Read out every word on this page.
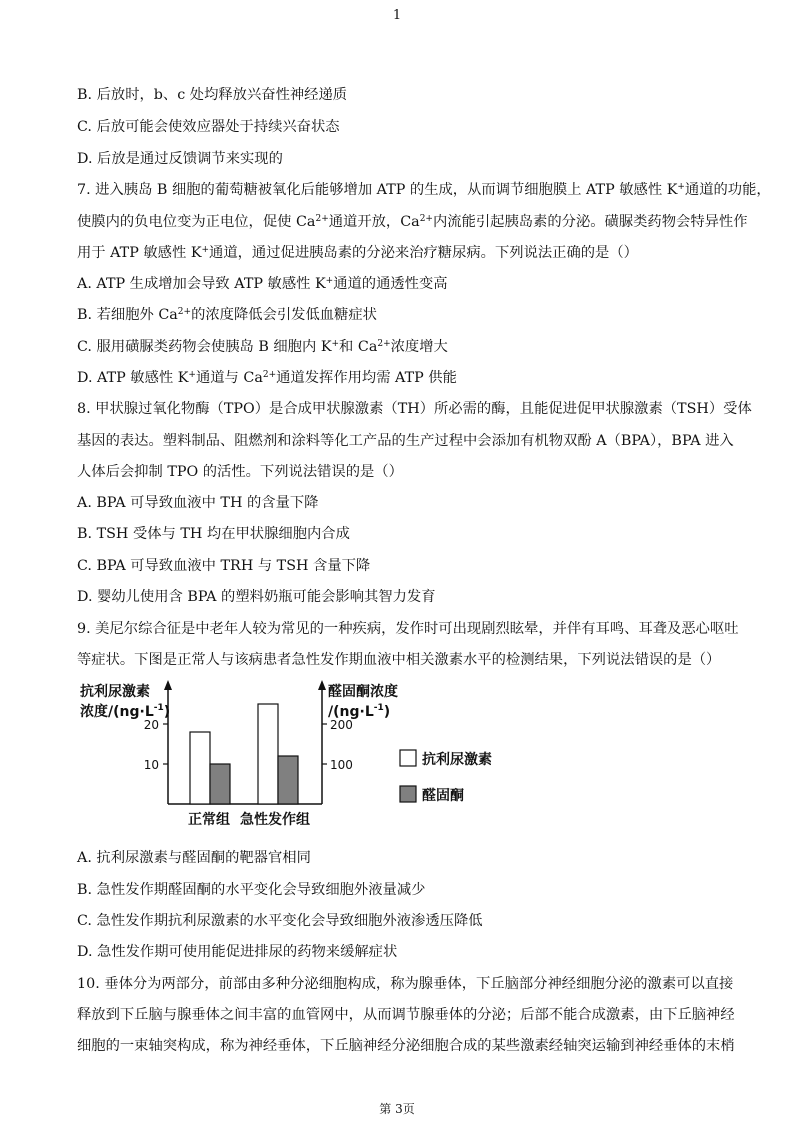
1
B. 后放时，b、c 处均释放兴奋性神经递质
C. 后放可能会使效应器处于持续兴奋状态
D. 后放是通过反馈调节来实现的
7. 进入胰岛 B 细胞的葡萄糖被氧化后能够增加 ATP 的生成，从而调节细胞膜上 ATP 敏感性 K+通道的功能，
使膜内的负电位变为正电位，促使 $Ca^{2+}$通道开放，$Ca^{2+}$内流能引起胰岛素的分泌。磺脲类药物会特异性作
用于 ATP 敏感性 K+通道，通过促进胰岛素的分泌来治疗糖尿病。下列说法正确的是（）
A. ATP 生成增加会导致 ATP 敏感性 K+通道的通透性变高
B. 若细胞外 $Ca^{2+}$的浓度降低会引发低血糖症状
C. 服用磺脲类药物会使胰岛 B 细胞内 K+和 $Ca^{2+}$浓度增大
D. ATP 敏感性 K+通道与 $Ca^{2+}$通道发挥作用均需 ATP 供能
8. 甲状腺过氧化物酶（TPO）是合成甲状腺激素（TH）所必需的酶，且能促进促甲状腺激素（TSH）受体
基因的表达。塑料制品、阻燃剂和涂料等化工产品的生产过程中会添加有机物双酚 A（BPA），BPA 进入
人体后会抑制 TPO 的活性。下列说法错误的是（）
A. BPA 可导致血液中 TH 的含量下降
B. TSH 受体与 TH 均在甲状腺细胞内合成
C. BPA 可导致血液中 TRH 与 TSH 含量下降
D. 婴幼儿使用含 BPA 的塑料奶瓶可能会影响其智力发育
9. 美尼尔综合征是中老年人较为常见的一种疾病，发作时可出现剧烈眩晕，并伴有耳鸣、耳聋及恶心呕吐
等症状。下图是正常人与该病患者急性发作期血液中相关激素水平的检测结果，下列说法错误的是（）
抗利尿激素
浓度$/(ng\cdot L^{-1})$
醛固酮浓度
$/(ng\cdot L^{-1})$
10
20
100
200
正常组 急性发作组
抗利尿激素
醛固酮
A. 抗利尿激素与醛固酮的靶器官相同
B. 急性发作期醛固酮的水平变化会导致细胞外液量减少
C. 急性发作期抗利尿激素的水平变化会导致细胞外液渗透压降低
D. 急性发作期可使用能促进排尿的药物来缓解症状
10. 垂体分为两部分，前部由多种分泌细胞构成，称为腺垂体，下丘脑部分神经细胞分泌的激素可以直接
释放到下丘脑与腺垂体之间丰富的血管网中，从而调节腺垂体的分泌；后部不能合成激素，由下丘脑神经
细胞的一束轴突构成，称为神经垂体，下丘脑神经分泌细胞合成的某些激素经轴突运输到神经垂体的末梢
第 3页
